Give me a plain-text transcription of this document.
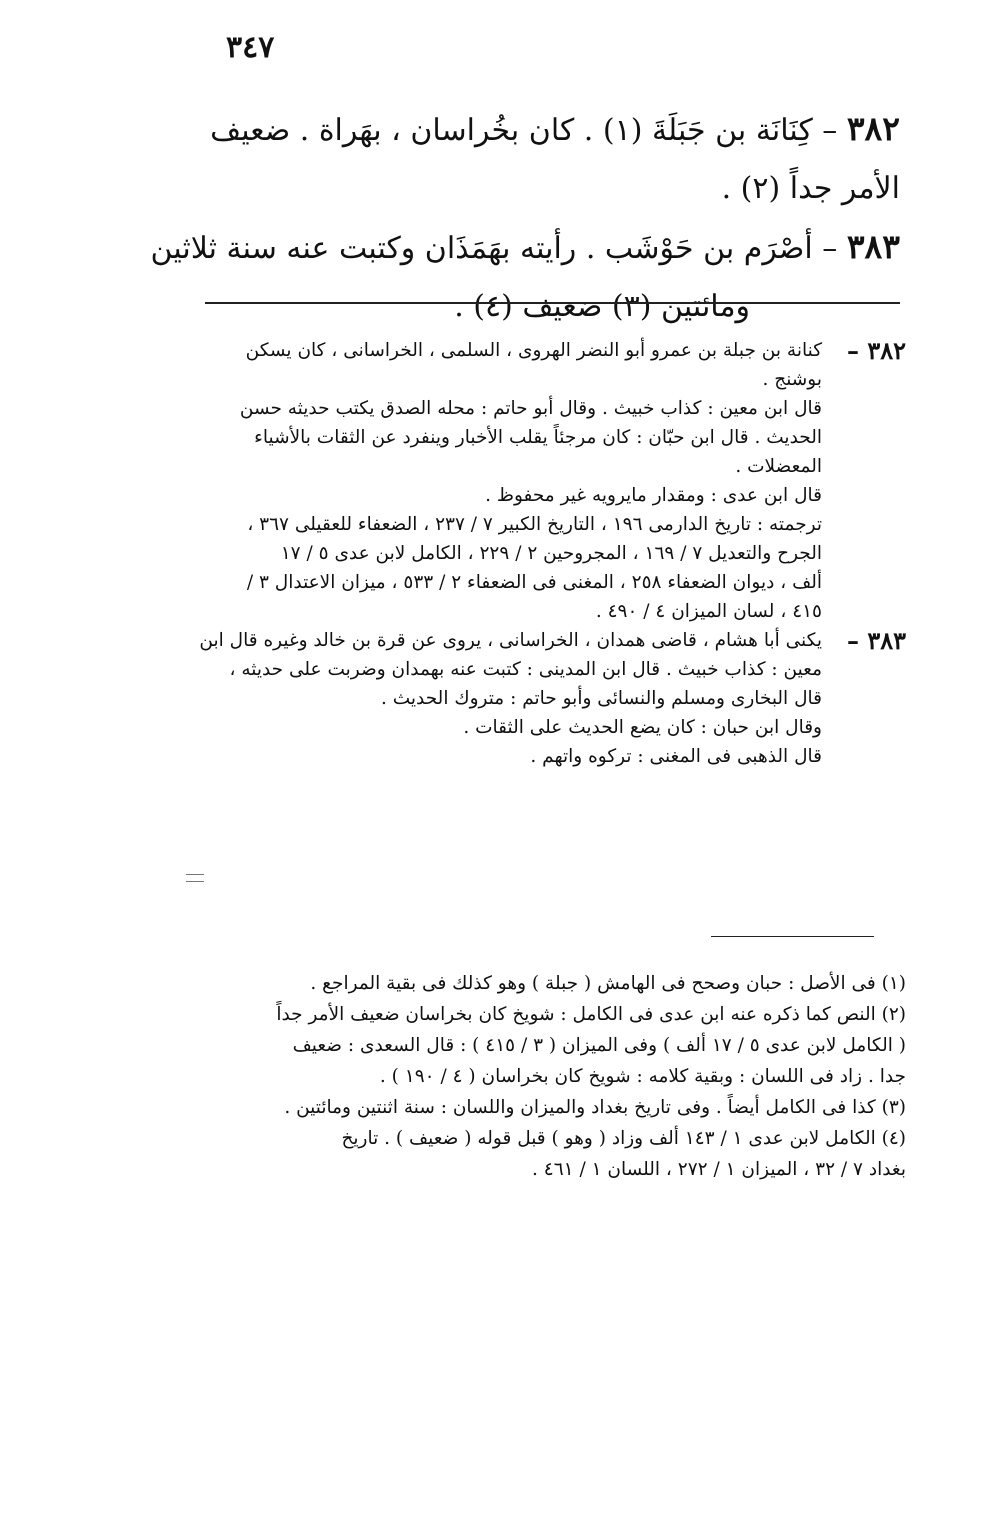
٣٤٧

٣٨٢ – كِنَانَة بن جَبَلَةَ (١) . كان بخُراسان ، بهَراة . ضعيف الأمر جداً (٢) .

٣٨٣ – أصْرَم بن حَوْشَب . رأيته بهَمَذَان وكتبت عنه سنة ثلاثين

ومائتين (٣) ضعيف (٤) .

٣٨٢ –
كنانة بن جبلة بن عمرو أبو النضر الهروى ، السلمى ، الخراسانى ، كان يسكن
بوشنج .
قال ابن معين : كذاب خبيث . وقال أبو حاتم : محله الصدق يكتب حديثه حسن
الحديث . قال ابن حبّان : كان مرجئاً يقلب الأخبار وينفرد عن الثقات بالأشياء
المعضلات .
قال ابن عدى : ومقدار مايرويه غير محفوظ .
ترجمته : تاريخ الدارمى ١٩٦ ، التاريخ الكبير ٧ / ٢٣٧ ، الضعفاء للعقيلى ٣٦٧ ،
الجرح والتعديل ٧ / ١٦٩ ، المجروحين ٢ / ٢٢٩ ، الكامل لابن عدى ٥ / ١٧
ألف ، ديوان الضعفاء ٢٥٨ ، المغنى فى الضعفاء ٢ / ٥٣٣ ، ميزان الاعتدال ٣ /
٤١٥ ، لسان الميزان ٤ / ٤٩٠ .
٣٨٣ –
يكنى أبا هشام ، قاضى همدان ، الخراسانى ، يروى عن قرة بن خالد وغيره قال ابن
معين : كذاب خبيث . قال ابن المدينى : كتبت عنه بهمدان وضربت على حديثه ،
قال البخارى ومسلم والنسائى وأبو حاتم : متروك الحديث .
وقال ابن حبان : كان يضع الحديث على الثقات .
قال الذهبى فى المغنى : تركوه واتهم .
(١) فى الأصل : حبان وصحح فى الهامش ( جبلة ) وهو كذلك فى بقية المراجع .
(٢) النص كما ذكره عنه ابن عدى فى الكامل : شويخ كان بخراسان ضعيف الأمر جداً
( الكامل لابن عدى ٥ / ١٧ ألف ) وفى الميزان ( ٣ / ٤١٥ ) : قال السعدى : ضعيف
جدا . زاد فى اللسان : وبقية كلامه : شويخ كان بخراسان ( ٤ / ١٩٠ ) .
(٣) كذا فى الكامل أيضاً . وفى تاريخ بغداد والميزان واللسان : سنة اثنتين ومائتين .
(٤) الكامل لابن عدى ١ / ١٤٣ ألف وزاد ( وهو ) قبل قوله ( ضعيف ) . تاريخ
بغداد ٧ / ٣٢ ، الميزان ١ / ٢٧٢ ، اللسان ١ / ٤٦١ .
